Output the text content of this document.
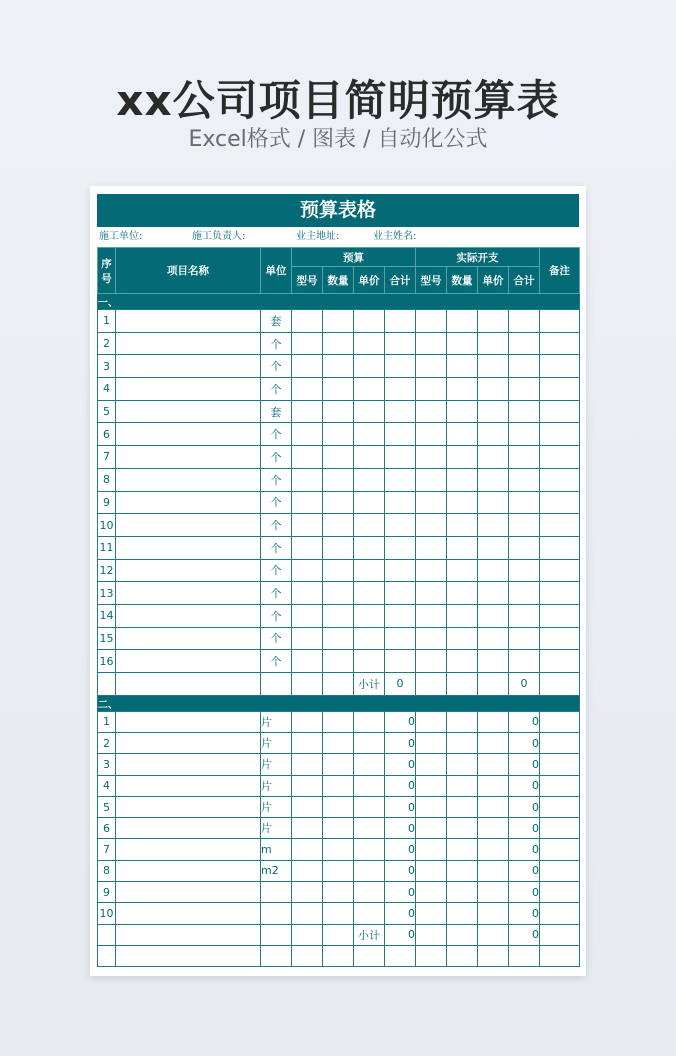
xx公司项目简明预算表
Excel格式 / 图表 / 自动化公式
预算表格
施工单位:	施工负责人:	业主地址:	业主姓名:
序
号	项目名称	单位	预算				实际开支				备注
			型号	数量	单价	合计	型号	数量	单价	合计	
一、											
1		套									
2		个									
3		个									
4		个									
5		套									
6		个									
7		个									
8		个									
9		个									
10		个									
11		个									
12		个									
13		个									
14		个									
15		个									
16		个									
					小计	0				0	
二、											
1		片				0				0	
2		片				0				0	
3		片				0				0	
4		片				0				0	
5		片				0				0	
6		片				0				0	
7		m				0				0	
8		m2				0				0	
9						0				0	
10						0				0	
					小计	0				0	
